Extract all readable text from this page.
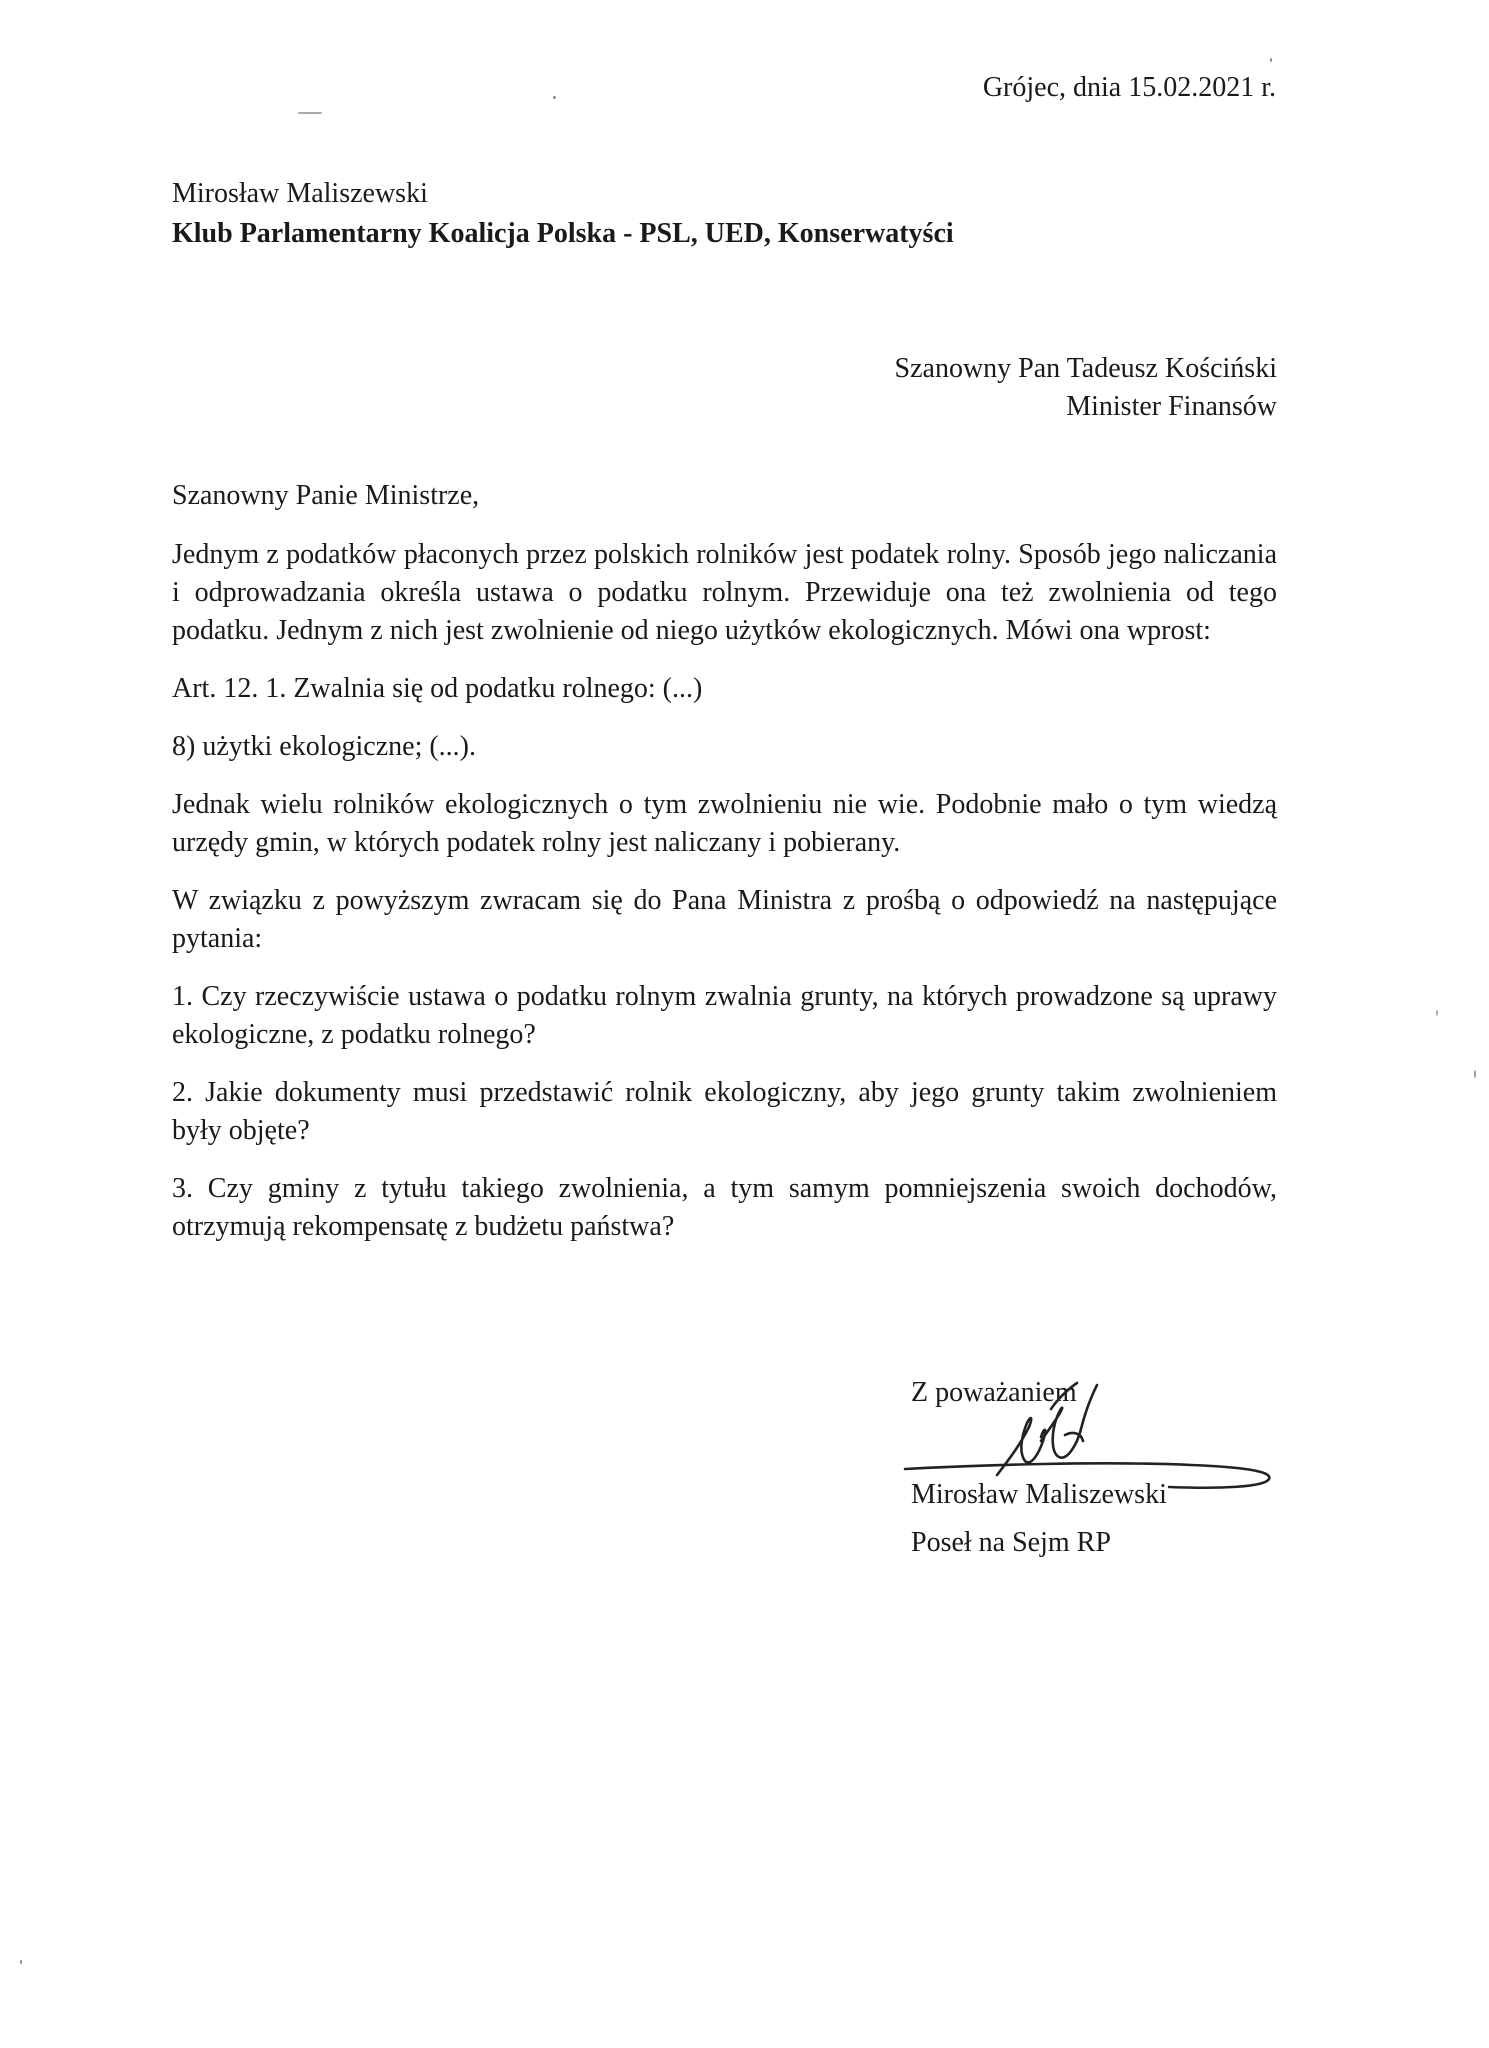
Grójec, dnia 15.02.2021 r.
Mirosław Maliszewski
Klub Parlamentarny Koalicja Polska - PSL, UED, Konserwatyści
Szanowny Pan Tadeusz Kościński
Minister Finansów
Szanowny Panie Ministrze,

Jednym z podatków płaconych przez polskich rolników jest podatek rolny. Sposób jego naliczania i odprowadzania określa ustawa o podatku rolnym. Przewiduje ona też zwolnienia od tego podatku. Jednym z nich jest zwolnienie od niego użytków ekologicznych. Mówi ona wprost:

Art. 12. 1. Zwalnia się od podatku rolnego: (...)

8) użytki ekologiczne; (...).

Jednak wielu rolników ekologicznych o tym zwolnieniu nie wie. Podobnie mało o tym wiedzą urzędy gmin, w których podatek rolny jest naliczany i pobierany.

W związku z powyższym zwracam się do Pana Ministra z prośbą o odpowiedź na następujące pytania:

1. Czy rzeczywiście ustawa o podatku rolnym zwalnia grunty, na których prowadzone są uprawy ekologiczne, z podatku rolnego?

2. Jakie dokumenty musi przedstawić rolnik ekologiczny, aby jego grunty takim zwolnieniem były objęte?

3. Czy gminy z tytułu takiego zwolnienia, a tym samym pomniejszenia swoich dochodów, otrzymują rekompensatę z budżetu państwa?

Z poważaniem
Mirosław Maliszewski
Poseł na Sejm RP
